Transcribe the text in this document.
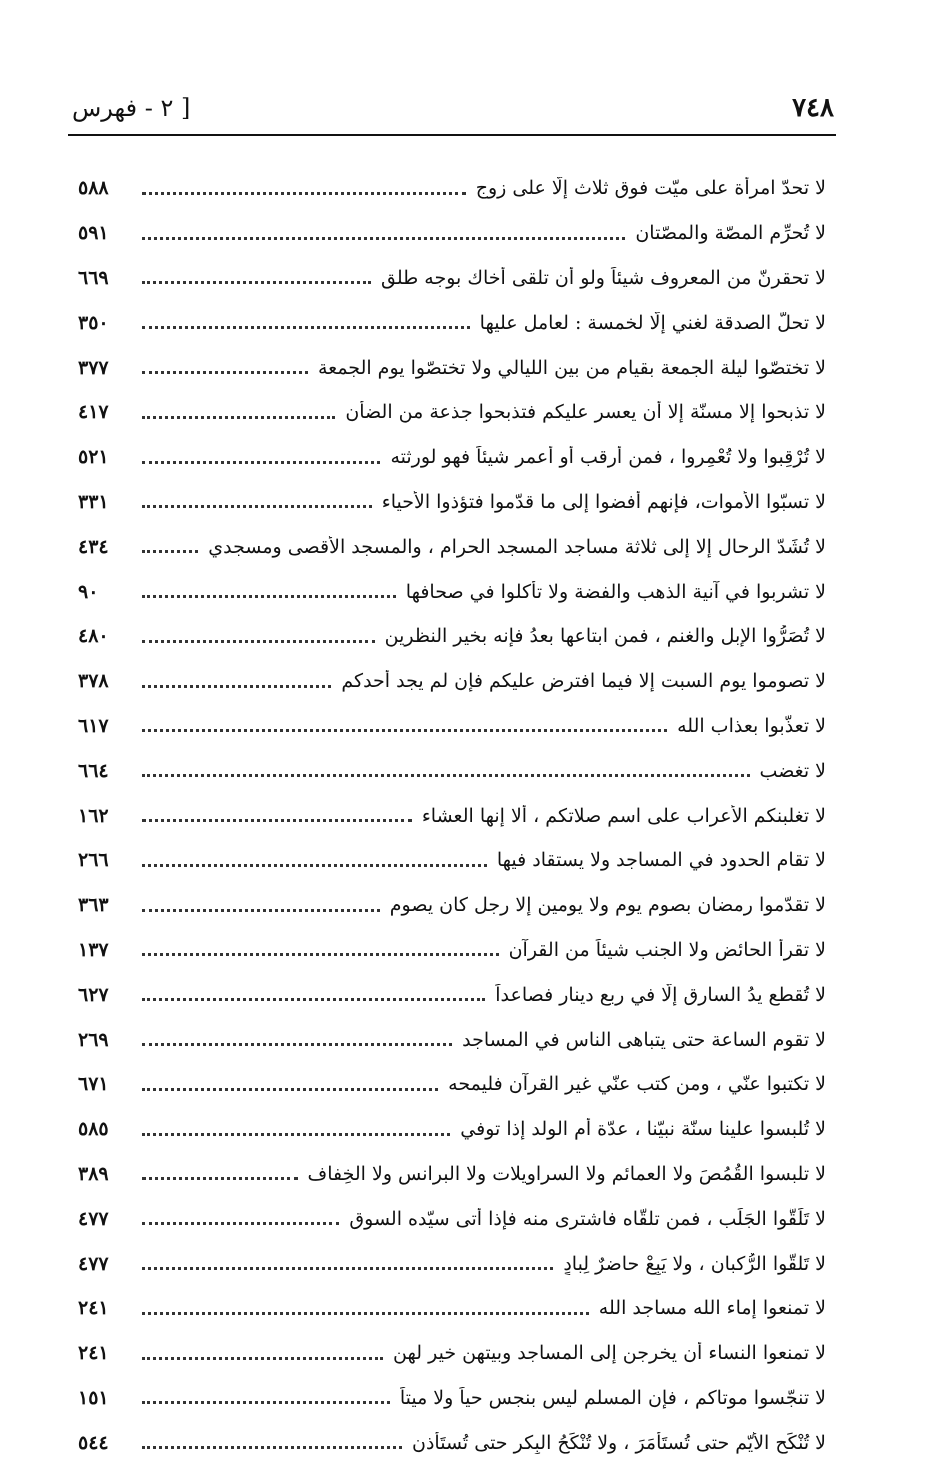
٧٤٨
[ ٢ - فهرس
لا تحدّ امرأة على ميّت فوق ثلاث إلّا على زوج
٥٨٨
لا تُحرِّم المصّة والمصّتان
٥٩١
لا تحقرنّ من المعروف شيئاً ولو أن تلقى أخاك بوجه طلق
٦٦٩
لا تحلّ الصدقة لغني إلّا لخمسة : لعامل عليها
٣٥٠
لا تختصّوا ليلة الجمعة بقيام من بين الليالي ولا تختصّوا يوم الجمعة
٣٧٧
لا تذبحوا إلا مسنّة إلا أن يعسر عليكم فتذبحوا جذعة من الضأن
٤١٧
لا تُرْقِبوا ولا تُعْمِروا ، فمن أرقب أو أعمر شيئاً فهو لورثته
٥٢١
لا تسبّوا الأموات، فإنهم أفضوا إلى ما قدّموا فتؤذوا الأحياء
٣٣١
لا تُشَدّ الرحال إلا إلى ثلاثة مساجد المسجد الحرام ، والمسجد الأقصى ومسجدي
٤٣٤
لا تشربوا في آنية الذهب والفضة ولا تأكلوا في صحافها
٩٠
لا تُصَرُّوا الإبل والغنم ، فمن ابتاعها بعدُ فإنه بخير النظرين
٤٨٠
لا تصوموا يوم السبت إلا فيما افترض عليكم فإن لم يجد أحدكم
٣٧٨
لا تعذّبوا بعذاب الله
٦١٧
لا تغضب
٦٦٤
لا تغلبنكم الأعراب على اسم صلاتكم ، ألا إنها العشاء
١٦٢
لا تقام الحدود في المساجد ولا يستقاد فيها
٢٦٦
لا تقدّموا رمضان بصوم يوم ولا يومين إلا رجل كان يصوم
٣٦٣
لا تقرأ الحائض ولا الجنب شيئاً من القرآن
١٣٧
لا تُقطع يدُ السارق إلّا في ربع دينار فصاعداً
٦٢٧
لا تقوم الساعة حتى يتباهى الناس في المساجد
٢٦٩
لا تكتبوا عنّي ، ومن كتب عنّي غير القرآن فليمحه
٦٧١
لا تُلبسوا علينا سنّة نبيّنا ، عدّة أم الولد إذا توفي
٥٨٥
لا تلبسوا القُمُصَ ولا العمائم ولا السراويلات ولا البرانس ولا الخِفاف
٣٨٩
لا تَلَقَّوا الجَلَب ، فمن تلقّاه فاشترى منه فإذا أتى سيّده السوق
٤٧٧
لا تَلقّوا الرُّكبان ، ولا يَبِعْ حاضرٌ لِبادٍ
٤٧٧
لا تمنعوا إماء الله مساجد الله
٢٤١
لا تمنعوا النساء أن يخرجن إلى المساجد وبيتهن خير لهن
٢٤١
لا تنجّسوا موتاكم ، فإن المسلم ليس بنجس حياً ولا ميتاً
١٥١
لا تُنْكَح الأيّم حتى تُستَأْمَرَ ، ولا تُنْكَحُ البِكر حتى تُستَأذن
٥٤٤
